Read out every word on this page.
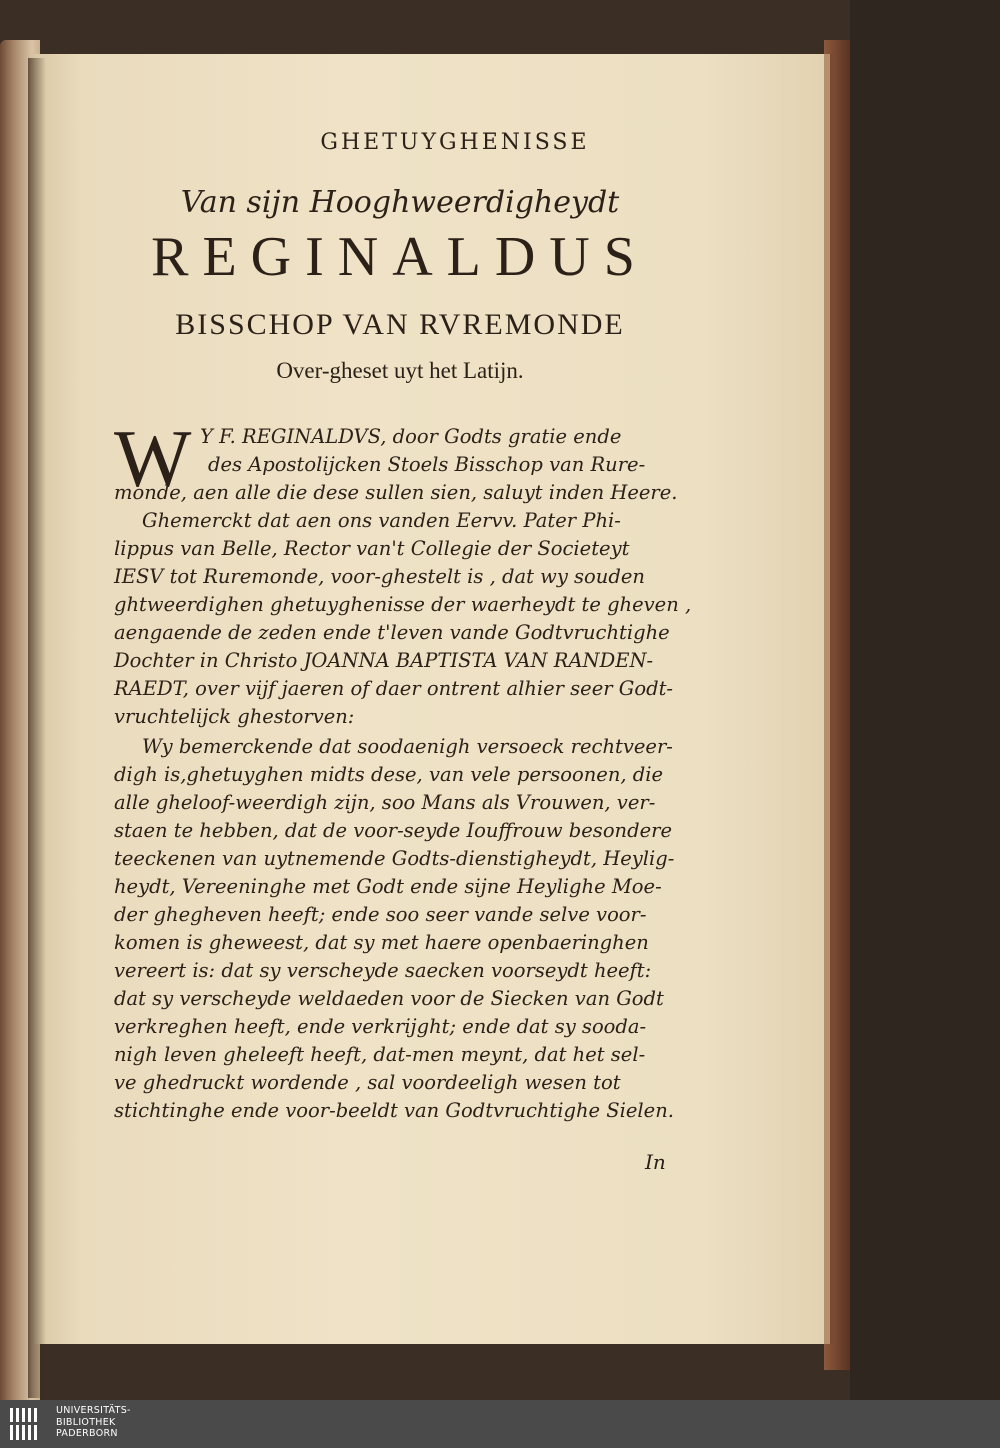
GHETUYGHENISSE
Van sijn Hooghweerdigheydt
REGINALDUS
BISSCHOP VAN RVREMONDE
Over-gheset uyt het Latijn.
W Y F. REGINALDVS, door Godts gratie ende
des Apostolijcken Stoels Bisschop van Rure-
monde, aen alle die dese sullen sien, saluyt inden Heere.
Ghemerckt dat aen ons vanden Eervv. Pater Phi-
lippus van Belle, Rector van't Collegie der Societeyt
IESV tot Ruremonde, voor-ghestelt is , dat wy souden
ghtweerdighen ghetuyghenisse der waerheydt te gheven ,
aengaende de zeden ende t'leven vande Godtvruchtighe
Dochter in Christo JOANNA BAPTISTA VAN RANDEN-
RAEDT, over vijf jaeren of daer ontrent alhier seer Godt-
vruchtelijck ghestorven:
Wy bemerckende dat soodaenigh versoeck rechtveer-
digh is,ghetuyghen midts dese, van vele persoonen, die
alle gheloof-weerdigh zijn, soo Mans als Vrouwen, ver-
staen te hebben, dat de voor-seyde Iouffrouw besondere
teeckenen van uytnemende Godts-dienstigheydt, Heylig-
heydt, Vereeninghe met Godt ende sijne Heylighe Moe-
der ghegheven heeft; ende soo seer vande selve voor-
komen is gheweest, dat sy met haere openbaeringhen
vereert is: dat sy verscheyde saecken voorseydt heeft:
dat sy verscheyde weldaeden voor de Siecken van Godt
verkreghen heeft, ende verkrijght; ende dat sy sooda-
nigh leven gheleeft heeft, dat-men meynt, dat het sel-
ve ghedruckt wordende , sal voordeeligh wesen tot
stichtinghe ende voor-beeldt van Godtvruchtighe Sielen.
In
UNIVERSITÄTS-
BIBLIOTHEK
PADERBORN
